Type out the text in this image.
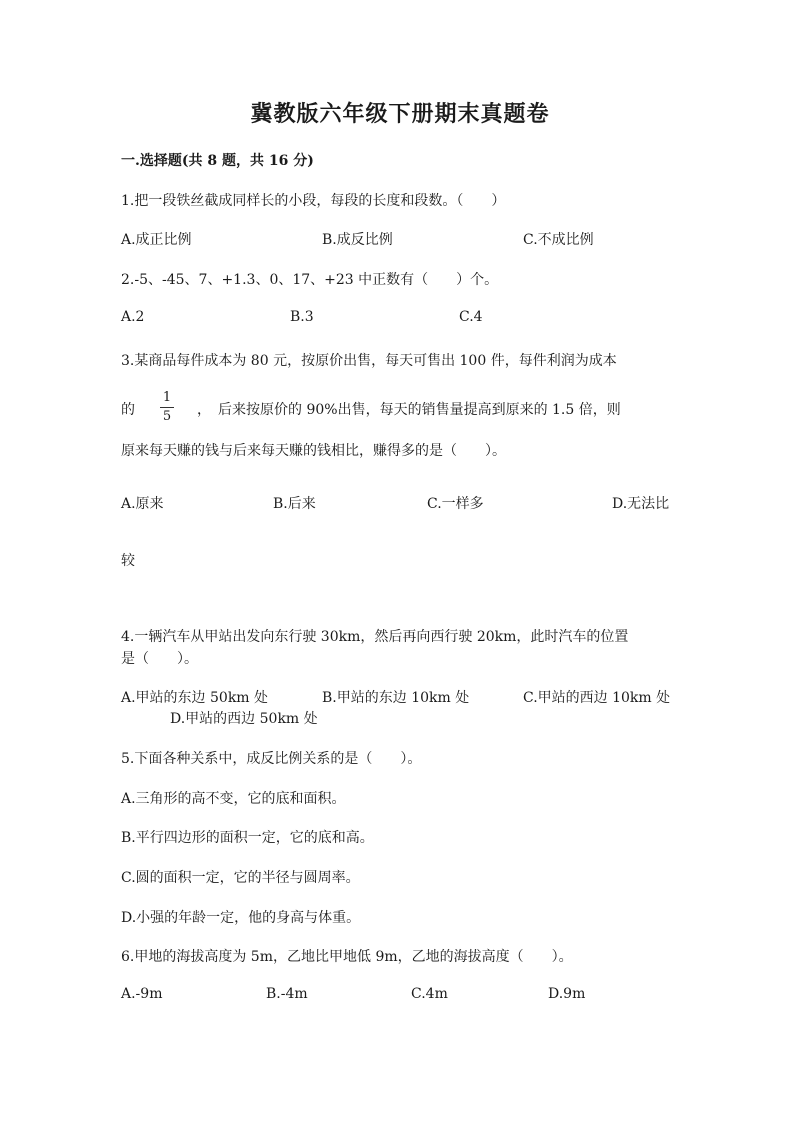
冀教版六年级下册期末真题卷
一.选择题(共 8 题，共 16 分)
1.把一段铁丝截成同样长的小段，每段的长度和段数。（　　）
A.成正比例	B.成反比例	C.不成比例
2.-5、-45、7、+1.3、0、17、+23 中正数有（　　）个。
A.2	B.3	C.4
3.某商品每件成本为 80 元，按原价出售，每天可售出 100 件，每件利润为成本
的
1
5 ，　后来按原价的 90%出售，每天的销售量提高到原来的 1.5 倍，则
原来每天赚的钱与后来每天赚的钱相比，赚得多的是（　　）。
A.原来	B.后来	C.一样多	D.无法比
较
4.一辆汽车从甲站出发向东行驶 30km，然后再向西行驶 20km，此时汽车的位置
是（　　）。
A.甲站的东边 50km 处	B.甲站的东边 10km 处	C.甲站的西边 10km 处
D.甲站的西边 50km 处
5.下面各种关系中，成反比例关系的是（　　）。
A.三角形的高不变，它的底和面积。
B.平行四边形的面积一定，它的底和高。
C.圆的面积一定，它的半径与圆周率。
D.小强的年龄一定，他的身高与体重。
6.甲地的海拔高度为 5m，乙地比甲地低 9m，乙地的海拔高度（　　）。
A.-9m	B.-4m	C.4m	D.9m
